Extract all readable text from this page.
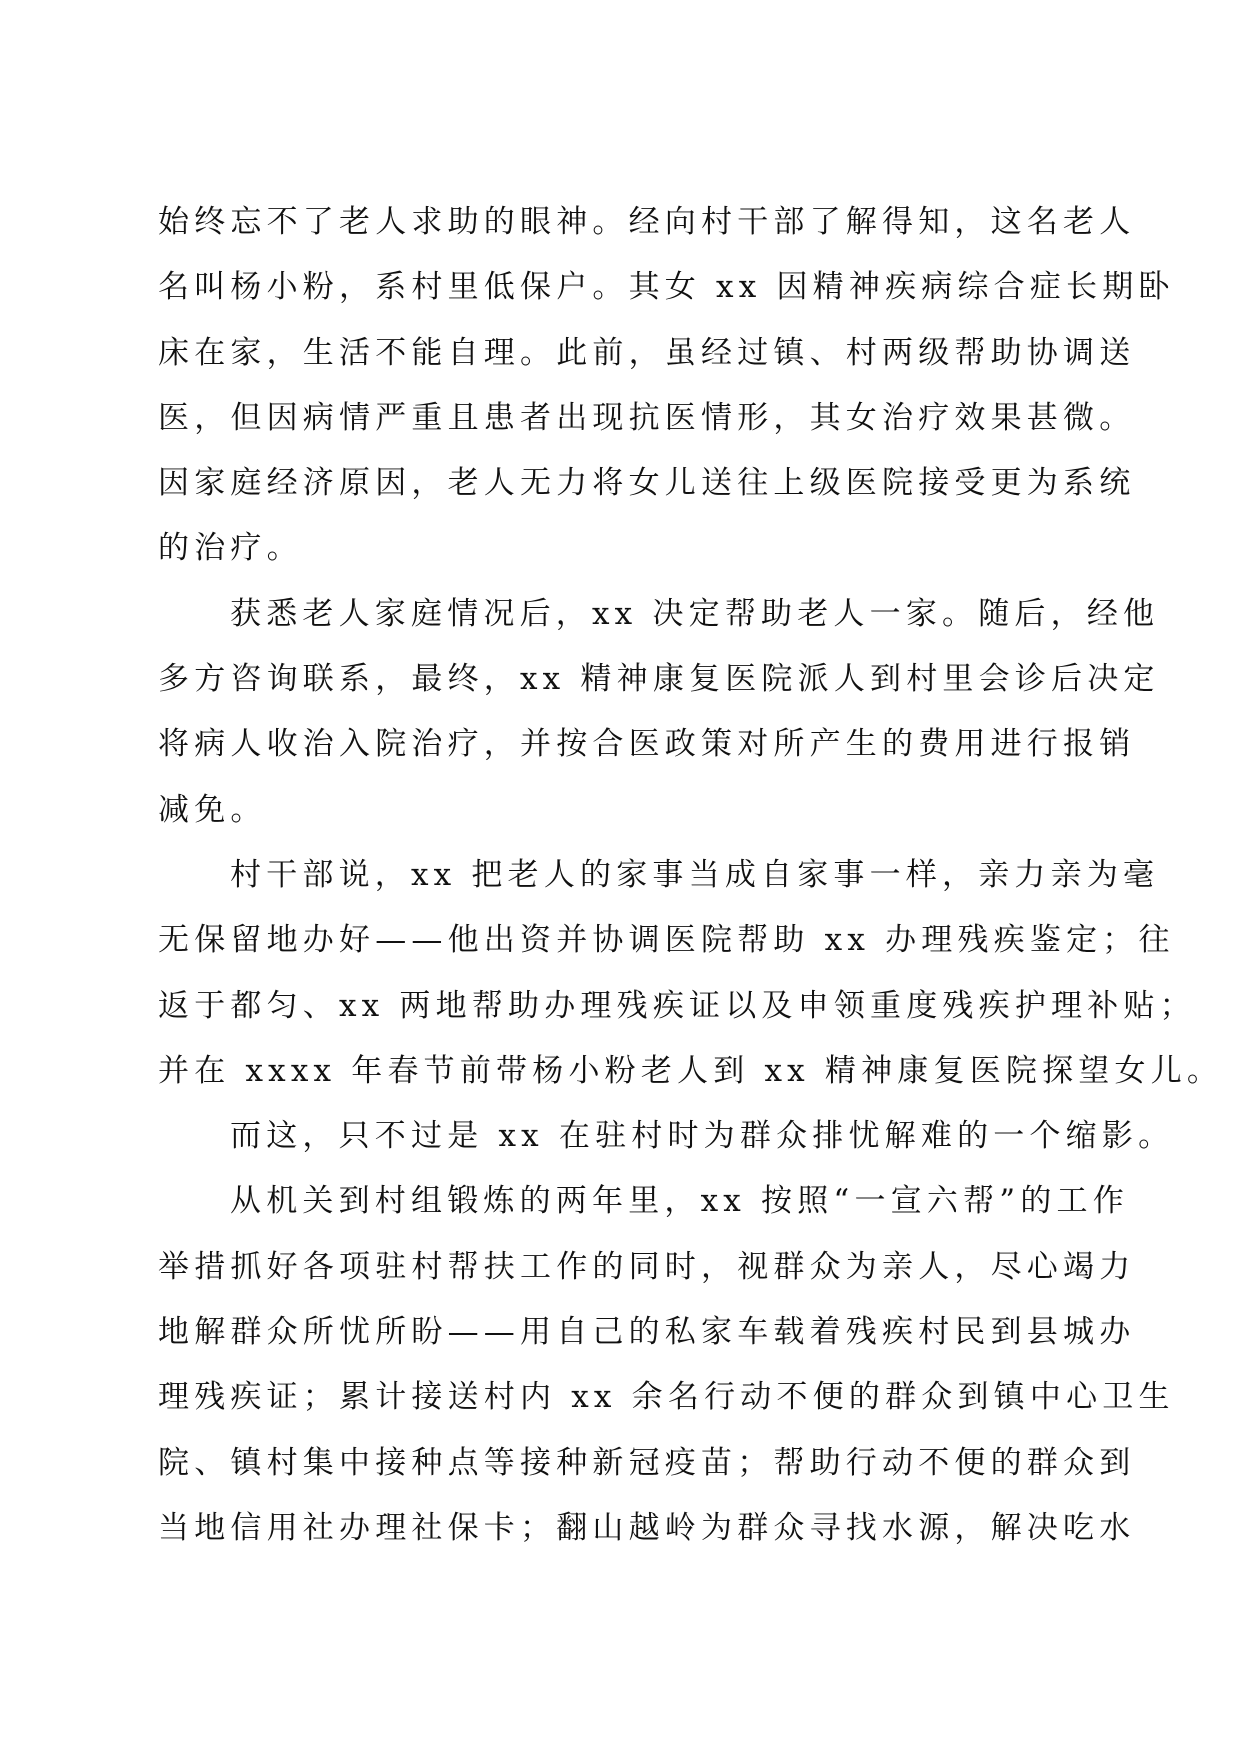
始终忘不了老人求助的眼神。经向村干部了解得知，这名老人
名叫杨小粉，系村里低保户。其女 xx 因精神疾病综合症长期卧
床在家，生活不能自理。此前，虽经过镇、村两级帮助协调送
医，但因病情严重且患者出现抗医情形，其女治疗效果甚微。
因家庭经济原因，老人无力将女儿送往上级医院接受更为系统
的治疗。

获悉老人家庭情况后，xx 决定帮助老人一家。随后，经他
多方咨询联系，最终，xx 精神康复医院派人到村里会诊后决定
将病人收治入院治疗，并按合医政策对所产生的费用进行报销
减免。

村干部说，xx 把老人的家事当成自家事一样，亲力亲为毫
无保留地办好——他出资并协调医院帮助 xx 办理残疾鉴定；往
返于都匀、xx 两地帮助办理残疾证以及申领重度残疾护理补贴；
并在 xxxx 年春节前带杨小粉老人到 xx 精神康复医院探望女儿。

而这，只不过是 xx 在驻村时为群众排忧解难的一个缩影。

从机关到村组锻炼的两年里，xx 按照“一宣六帮”的工作
举措抓好各项驻村帮扶工作的同时，视群众为亲人，尽心竭力
地解群众所忧所盼——用自己的私家车载着残疾村民到县城办
理残疾证；累计接送村内 xx 余名行动不便的群众到镇中心卫生
院、镇村集中接种点等接种新冠疫苗；帮助行动不便的群众到
当地信用社办理社保卡；翻山越岭为群众寻找水源，解决吃水
